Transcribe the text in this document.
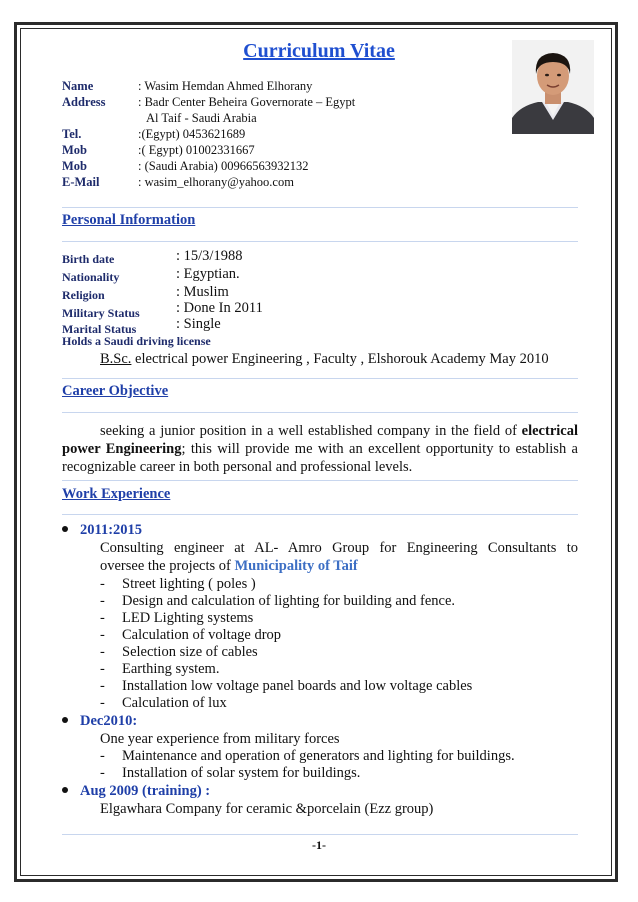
Curriculum Vitae
Name	: Wasim Hemdan Ahmed Elhorany
Address	: Badr Center Beheira Governorate – Egypt
Al Taif - Saudi Arabia
Tel.	:(Egypt) 0453621689
Mob	:( Egypt) 01002331667
Mob	: (Saudi Arabia) 00966563932132
E-Mail	: wasim_elhorany@yahoo.com
Personal Information
Birth date	: 15/3/1988
Nationality	: Egyptian.
Religion	: Muslim
Military Status	: Done In 2011
Marital Status	: Single
Holds a Saudi driving license
B.Sc. electrical power Engineering , Faculty , Elshorouk Academy May 2010
Career Objective
seeking a junior position in a well established company in the field of electrical power Engineering; this will provide me with an excellent opportunity to establish a recognizable career in both personal and professional levels.
Work Experience
2011:2015
Consulting engineer at AL- Amro Group for Engineering Consultants to
oversee the projects of Municipality of Taif
- Street lighting ( poles )
- Design and calculation of lighting for building and fence.
- LED Lighting systems
- Calculation of voltage drop
- Selection size of cables
- Earthing system.
- Installation low voltage panel boards and low voltage cables
- Calculation of lux
Dec2010:
One year experience from military forces
- Maintenance and operation of generators and lighting for buildings.
- Installation of solar system for buildings.
Aug 2009 (training) :
Elgawhara Company for ceramic &porcelain (Ezz group)
-1-
